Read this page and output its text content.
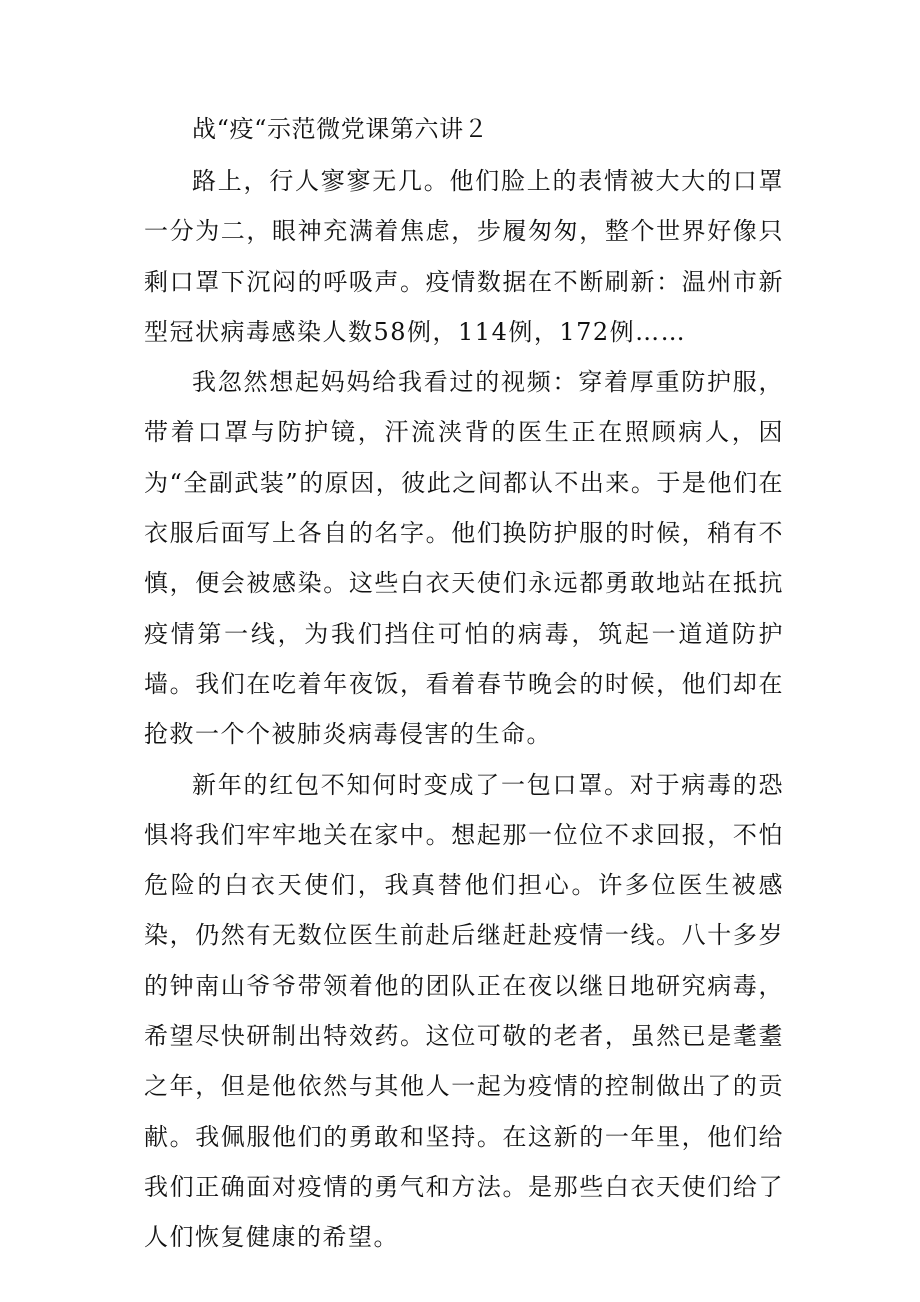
战“疫“示范微党课第六讲２

路上，行人寥寥无几。他们脸上的表情被大大的口罩一分为二，眼神充满着焦虑，步履匆匆，整个世界好像只剩口罩下沉闷的呼吸声。疫情数据在不断刷新：温州市新型冠状病毒感染人数58例，114例，172例……

我忽然想起妈妈给我看过的视频：穿着厚重防护服，带着口罩与防护镜，汗流浃背的医生正在照顾病人，因为“全副武装”的原因，彼此之间都认不出来。于是他们在衣服后面写上各自的名字。他们换防护服的时候，稍有不慎，便会被感染。这些白衣天使们永远都勇敢地站在抵抗疫情第一线，为我们挡住可怕的病毒，筑起一道道防护墙。我们在吃着年夜饭，看着春节晚会的时候，他们却在抢救一个个被肺炎病毒侵害的生命。

新年的红包不知何时变成了一包口罩。对于病毒的恐惧将我们牢牢地关在家中。想起那一位位不求回报，不怕危险的白衣天使们，我真替他们担心。许多位医生被感染，仍然有无数位医生前赴后继赶赴疫情一线。八十多岁的钟南山爷爷带领着他的团队正在夜以继日地研究病毒，希望尽快研制出特效药。这位可敬的老者，虽然已是耄耋之年，但是他依然与其他人一起为疫情的控制做出了的贡献。我佩服他们的勇敢和坚持。在这新的一年里，他们给我们正确面对疫情的勇气和方法。是那些白衣天使们给了人们恢复健康的希望。
